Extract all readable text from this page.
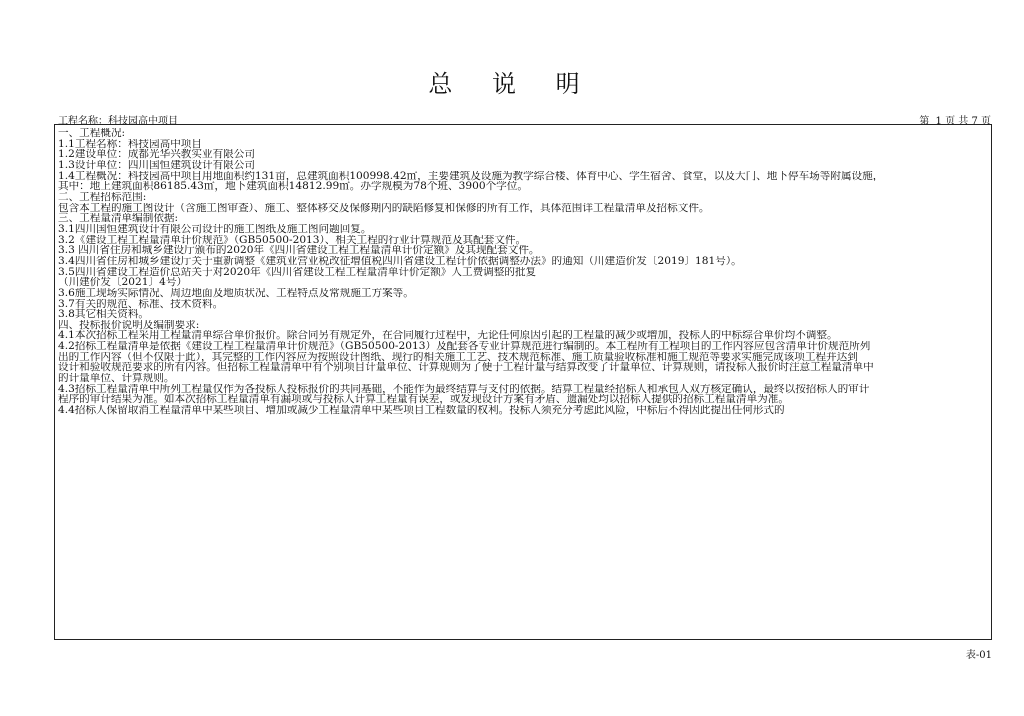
总 说 明
工程名称：科技园高中项目	第  1 页 共 7 页
一、工程概况:
1.1工程名称：科技园高中项目
1.2建设单位：成都光华兴教实业有限公司
1.3设计单位：四川国恒建筑设计有限公司
1.4工程概况：科技园高中项目用地面积约131亩，总建筑面积100998.42㎡，主要建筑及设施为教学综合楼、体育中心、学生宿舍、食堂，以及大门、地下停车场等附属设施，
其中：地上建筑面积86185.43㎡，地下建筑面积14812.99㎡。办学规模为78个班、3900个学位。
二、工程招标范围:
包含本工程的施工图设计（含施工图审查）、施工、整体移交及保修期内的缺陷修复和保修的所有工作，具体范围详工程量清单及招标文件。
三、工程量清单编制依据:
3.1四川国恒建筑设计有限公司设计的施工图纸及施工图问题回复。
3.2《建设工程工程量清单计价规范》（GB50500-2013）、相关工程的行业计算规范及其配套文件。
3.3 四川省住房和城乡建设厅颁布的2020年《四川省建设工程工程量清单计价定额》及其现配套文件。
3.4四川省住房和城乡建设厅关于重新调整《建筑业营业税改征增值税四川省建设工程计价依据调整办法》的通知（川建造价发〔2019〕181号）。
3.5四川省建设工程造价总站关于对2020年《四川省建设工程工程量清单计价定额》人工费调整的批复
（川建价发〔2021〕4号）
3.6施工现场实际情况、周边地面及地质状况、工程特点及常规施工方案等。
3.7有关的规范、标准、技术资料。
3.8其它相关资料。
四、投标报价说明及编制要求:
4.1本次招标工程采用工程量清单综合单价报价。除合同另有规定外，在合同履行过程中，无论任何原因引起的工程量的减少或增加，投标人的中标综合单价均不调整。
4.2招标工程量清单是依据《建设工程工程量清单计价规范》（GB50500-2013）及配套各专业计算规范进行编制的。本工程所有工程项目的工作内容应包含清单计价规范所列
出的工作内容（但不仅限于此），其完整的工作内容应为按照设计图纸、现行的相关施工工艺、技术规范标准、施工质量验收标准和施工规范等要求实施完成该项工程并达到
设计和验收规范要求的所有内容。但招标工程量清单中有个别项目计量单位、计算规则为了便于工程计量与结算改变了计量单位、计算规则，请投标人报价时注意工程量清单中
的计量单位、计算规则。
4.3招标工程量清单中所列工程量仅作为各投标人投标报价的共同基础，不能作为最终结算与支付的依据。结算工程量经招标人和承包人双方核定确认，最终以按招标人的审计
程序的审计结果为准。如本次招标工程量清单有漏项或与投标人计算工程量有误差，或发现设计方案有矛盾、遗漏处均以招标人提供的招标工程量清单为准。
4.4招标人保留取消工程量清单中某些项目、增加或减少工程量清单中某些项目工程数量的权利。投标人须充分考虑此风险，中标后不得因此提出任何形式的
表-01
